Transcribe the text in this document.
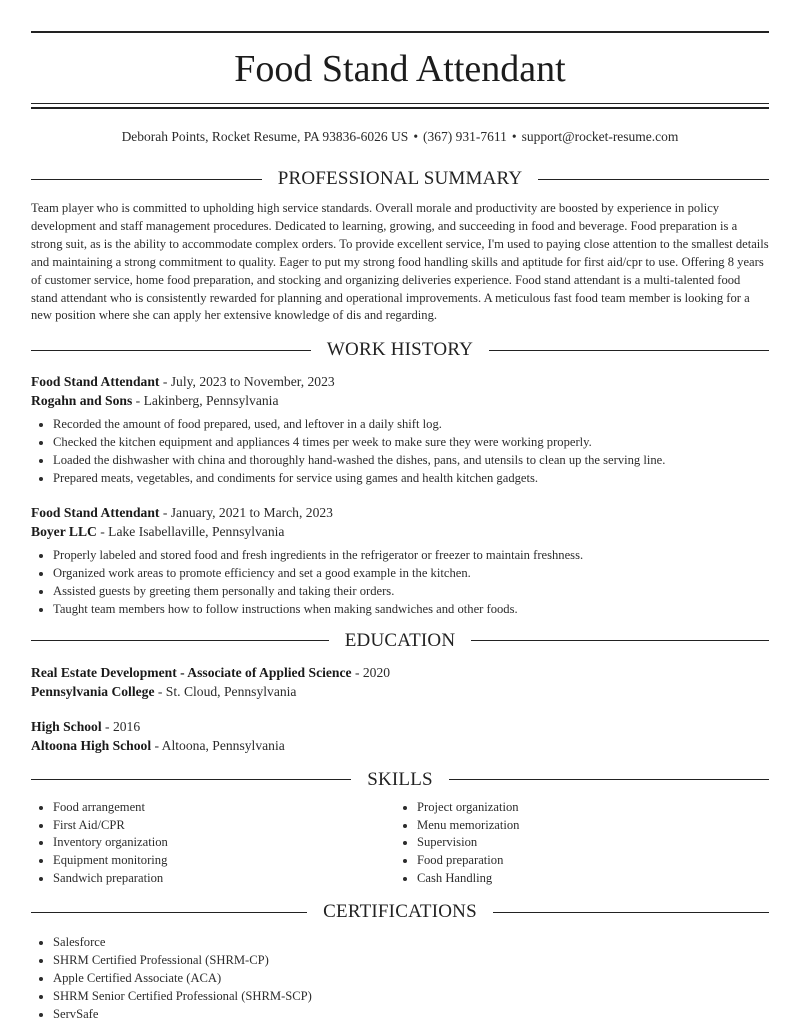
Food Stand Attendant
Deborah Points, Rocket Resume, PA 93836-6026 US • (367) 931-7611 • support@rocket-resume.com
PROFESSIONAL SUMMARY
Team player who is committed to upholding high service standards. Overall morale and productivity are boosted by experience in policy development and staff management procedures. Dedicated to learning, growing, and succeeding in food and beverage. Food preparation is a strong suit, as is the ability to accommodate complex orders. To provide excellent service, I'm used to paying close attention to the smallest details and maintaining a strong commitment to quality. Eager to put my strong food handling skills and aptitude for first aid/cpr to use. Offering 8 years of customer service, home food preparation, and stocking and organizing deliveries experience. Food stand attendant is a multi-talented food stand attendant who is consistently rewarded for planning and operational improvements. A meticulous fast food team member is looking for a new position where she can apply her extensive knowledge of dis and regarding.
WORK HISTORY
Food Stand Attendant - July, 2023 to November, 2023
Rogahn and Sons - Lakinberg, Pennsylvania
• Recorded the amount of food prepared, used, and leftover in a daily shift log.
• Checked the kitchen equipment and appliances 4 times per week to make sure they were working properly.
• Loaded the dishwasher with china and thoroughly hand-washed the dishes, pans, and utensils to clean up the serving line.
• Prepared meats, vegetables, and condiments for service using games and health kitchen gadgets.
Food Stand Attendant - January, 2021 to March, 2023
Boyer LLC - Lake Isabellaville, Pennsylvania
• Properly labeled and stored food and fresh ingredients in the refrigerator or freezer to maintain freshness.
• Organized work areas to promote efficiency and set a good example in the kitchen.
• Assisted guests by greeting them personally and taking their orders.
• Taught team members how to follow instructions when making sandwiches and other foods.
EDUCATION
Real Estate Development - Associate of Applied Science - 2020
Pennsylvania College - St. Cloud, Pennsylvania
High School - 2016
Altoona High School - Altoona, Pennsylvania
SKILLS
• Food arrangement
• First Aid/CPR
• Inventory organization
• Equipment monitoring
• Sandwich preparation
• Project organization
• Menu memorization
• Supervision
• Food preparation
• Cash Handling
CERTIFICATIONS
• Salesforce
• SHRM Certified Professional (SHRM-CP)
• Apple Certified Associate (ACA)
• SHRM Senior Certified Professional (SHRM-SCP)
• ServSafe
